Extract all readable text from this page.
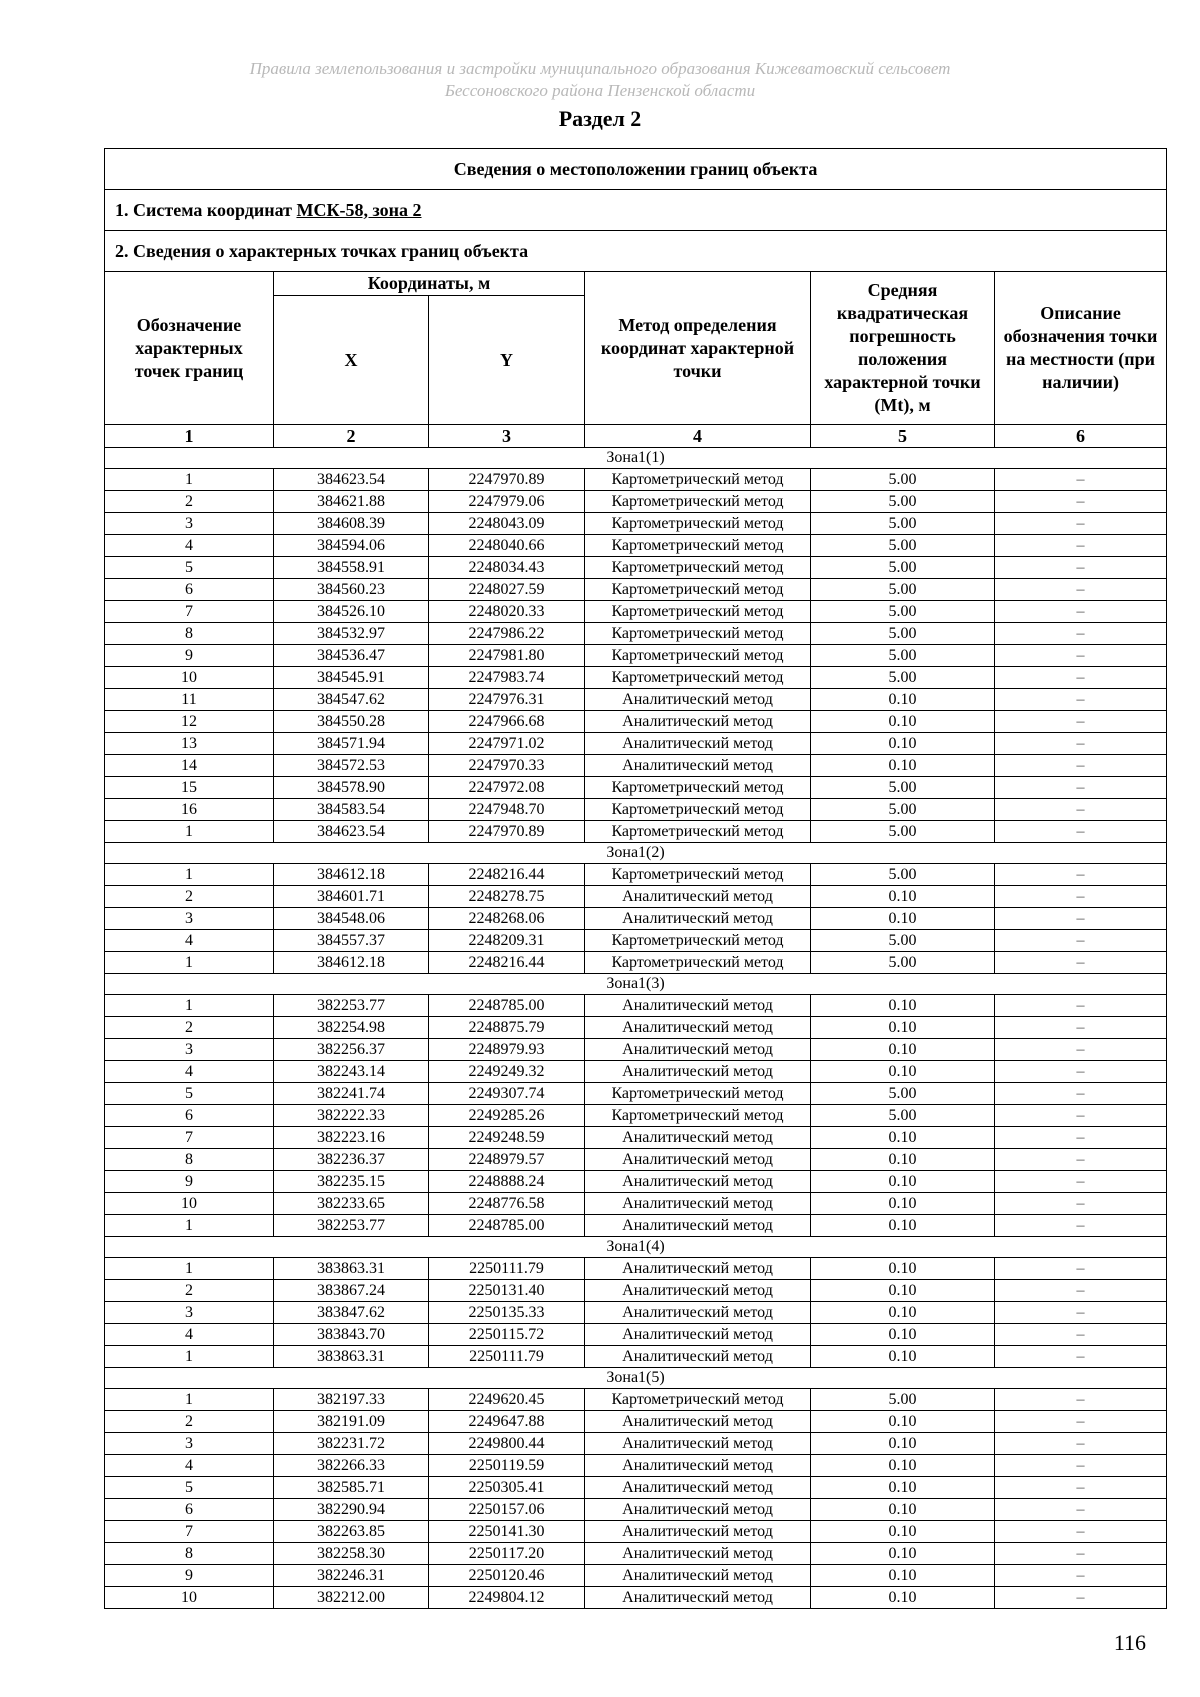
Правила землепользования и застройки муниципального образования Кижеватовский сельсовет
Бессоновского района Пензенской области
Раздел 2
Сведения о местоположении границ объекта					
1. Система координат МСК-58, зона 2					
2. Сведения о характерных точках границ объекта					
Обозначение характерных точек границ	Координаты, м		Метод определения координат характерной точки	Средняя квадратическая погрешность положения характерной точки (Mt), м	Описание обозначения точки на местности (при наличии)
	X	Y			
1	2	3	4	5	6
Зона1(1)					
1	384623.54	2247970.89	Картометрический метод	5.00	–
2	384621.88	2247979.06	Картометрический метод	5.00	–
3	384608.39	2248043.09	Картометрический метод	5.00	–
4	384594.06	2248040.66	Картометрический метод	5.00	–
5	384558.91	2248034.43	Картометрический метод	5.00	–
6	384560.23	2248027.59	Картометрический метод	5.00	–
7	384526.10	2248020.33	Картометрический метод	5.00	–
8	384532.97	2247986.22	Картометрический метод	5.00	–
9	384536.47	2247981.80	Картометрический метод	5.00	–
10	384545.91	2247983.74	Картометрический метод	5.00	–
11	384547.62	2247976.31	Аналитический метод	0.10	–
12	384550.28	2247966.68	Аналитический метод	0.10	–
13	384571.94	2247971.02	Аналитический метод	0.10	–
14	384572.53	2247970.33	Аналитический метод	0.10	–
15	384578.90	2247972.08	Картометрический метод	5.00	–
16	384583.54	2247948.70	Картометрический метод	5.00	–
1	384623.54	2247970.89	Картометрический метод	5.00	–
Зона1(2)					
1	384612.18	2248216.44	Картометрический метод	5.00	–
2	384601.71	2248278.75	Аналитический метод	0.10	–
3	384548.06	2248268.06	Аналитический метод	0.10	–
4	384557.37	2248209.31	Картометрический метод	5.00	–
1	384612.18	2248216.44	Картометрический метод	5.00	–
Зона1(3)					
1	382253.77	2248785.00	Аналитический метод	0.10	–
2	382254.98	2248875.79	Аналитический метод	0.10	–
3	382256.37	2248979.93	Аналитический метод	0.10	–
4	382243.14	2249249.32	Аналитический метод	0.10	–
5	382241.74	2249307.74	Картометрический метод	5.00	–
6	382222.33	2249285.26	Картометрический метод	5.00	–
7	382223.16	2249248.59	Аналитический метод	0.10	–
8	382236.37	2248979.57	Аналитический метод	0.10	–
9	382235.15	2248888.24	Аналитический метод	0.10	–
10	382233.65	2248776.58	Аналитический метод	0.10	–
1	382253.77	2248785.00	Аналитический метод	0.10	–
Зона1(4)					
1	383863.31	2250111.79	Аналитический метод	0.10	–
2	383867.24	2250131.40	Аналитический метод	0.10	–
3	383847.62	2250135.33	Аналитический метод	0.10	–
4	383843.70	2250115.72	Аналитический метод	0.10	–
1	383863.31	2250111.79	Аналитический метод	0.10	–
Зона1(5)					
1	382197.33	2249620.45	Картометрический метод	5.00	–
2	382191.09	2249647.88	Аналитический метод	0.10	–
3	382231.72	2249800.44	Аналитический метод	0.10	–
4	382266.33	2250119.59	Аналитический метод	0.10	–
5	382585.71	2250305.41	Аналитический метод	0.10	–
6	382290.94	2250157.06	Аналитический метод	0.10	–
7	382263.85	2250141.30	Аналитический метод	0.10	–
8	382258.30	2250117.20	Аналитический метод	0.10	–
9	382246.31	2250120.46	Аналитический метод	0.10	–
10	382212.00	2249804.12	Аналитический метод	0.10	–
116
